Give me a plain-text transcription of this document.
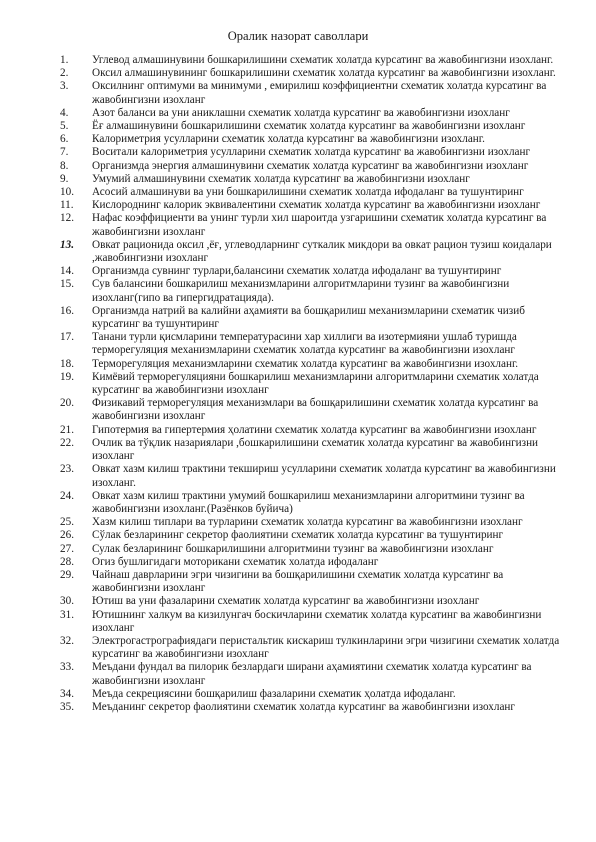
Оралик назорат саволлари
1.	Углевод алмашинувини бошкарилишини схематик холатда курсатинг ва жавобингизни изохланг.
2.	Оксил алмашинувининг бошкарилишини схематик холатда курсатинг ва жавобингизни изохланг.
3.	Оксилнинг оптимуми ва минимуми , емирилиш коэффициентни схематик холатда курсатинг ва жавобингизни изохланг
4.	Азот баланси ва уни аниклашни схематик холатда курсатинг ва жавобингизни изохланг
5.	Ёғ алмашинувини бошкарилишини схематик холатда курсатинг ва жавобингизни изохланг
6.	Калориметрия усулларини схематик холатда курсатинг ва жавобингизни изохланг.
7.	Воситали калориметрия усулларини схематик холатда курсатинг ва жавобингизни изохланг
8.	Организмда энергия алмашинувини схематик холатда курсатинг ва жавобингизни изохланг
9.	Умумий алмашинувини схематик холатда курсатинг ва жавобингизни изохланг
10.	Асосий алмашинуви ва уни бошкарилишини схематик холатда ифодаланг ва тушунтиринг
11.	Кислороднинг калорик эквивалентини схематик холатда курсатинг ва жавобингизни изохланг
12.	Нафас коэффициенти ва унинг турли хил шароитда узгаришини схематик холатда курсатинг ва жавобингизни изохланг
13.	Овкат рационида оксил ,ёғ, углеводларнинг суткалик микдори ва овкат рацион тузиш коидалари ,жавобингизни изохланг
14.	Организмда сувнинг турлари,балансини схематик холатда ифодаланг ва тушунтиринг
15.	Сув балансини бошкарилиш механизмларини алгоритмларини тузинг ва жавобингизни изохланг(гипо ва гипергидратацияда).
16.	Организмда натрий ва калийни аҳамияти ва бошқарилиш механизмларини схематик чизиб курсатинг ва тушунтиринг
17.	Танани турли қисмларини температурасини хар хиллиги ва изотермияни ушлаб туришда терморегуляция механизмларини схематик холатда курсатинг ва жавобингизни изохланг
18.	Терморегуляция механизмларини схематик холатда курсатинг ва жавобингизни изохланг.
19.	Кимёвий терморегуляцияни бошкарилиш механизмларини алгоритмларини схематик холатда курсатинг ва жавобингизни изохланг
20.	Физикавий терморегуляция механизмлари ва бошқарилишини схематик холатда курсатинг ва жавобингизни изохланг
21.	Гипотермия ва гипертермия ҳолатини схематик холатда курсатинг ва жавобингизни изохланг
22.	Очлик ва тўқлик назариялари ,бошкарилишини схематик холатда курсатинг ва жавобингизни изохланг
23.	Овкат хазм килиш трактини текшириш усулларини схематик холатда курсатинг ва жавобингизни изохланг.
24.	Овкат хазм килиш трактини умумий бошкарилиш механизмларини алгоритмини тузинг ва жавобингизни изохланг.(Разёнков буйича)
25.	Хазм килиш типлари ва турларини схематик холатда курсатинг ва жавобингизни изохланг
26.	Сўлак безларининг секретор фаолиятини схематик холатда курсатинг ва тушунтиринг
27.	Сулак безларининг бошкарилишини алгоритмини тузинг ва жавобингизни изохланг
28.	Огиз бушлигидаги моторикани схематик холатда ифодаланг
29.	Чайнаш даврларини эгри чизигини ва бошқарилишини схематик холатда курсатинг ва жавобингизни изохланг
30.	Ютиш ва уни фазаларини схематик холатда курсатинг ва жавобингизни изохланг
31.	Ютишнинг халкум ва кизилунгач боскичларини схематик холатда курсатинг ва жавобингизни изохланг
32.	Электрогастрографиядаги перистальтик кискариш тулкинларини эгри чизигини схематик холатда курсатинг ва жавобингизни изохланг
33.	Меъдани фундал ва пилорик безлардаги ширани аҳамиятини схематик холатда курсатинг ва жавобингизни изохланг
34.	Меъда секрециясини бошқарилиш фазаларини схематик ҳолатда ифодаланг.
35.	Меъданинг секретор фаолиятини схематик холатда курсатинг ва жавобингизни изохланг
